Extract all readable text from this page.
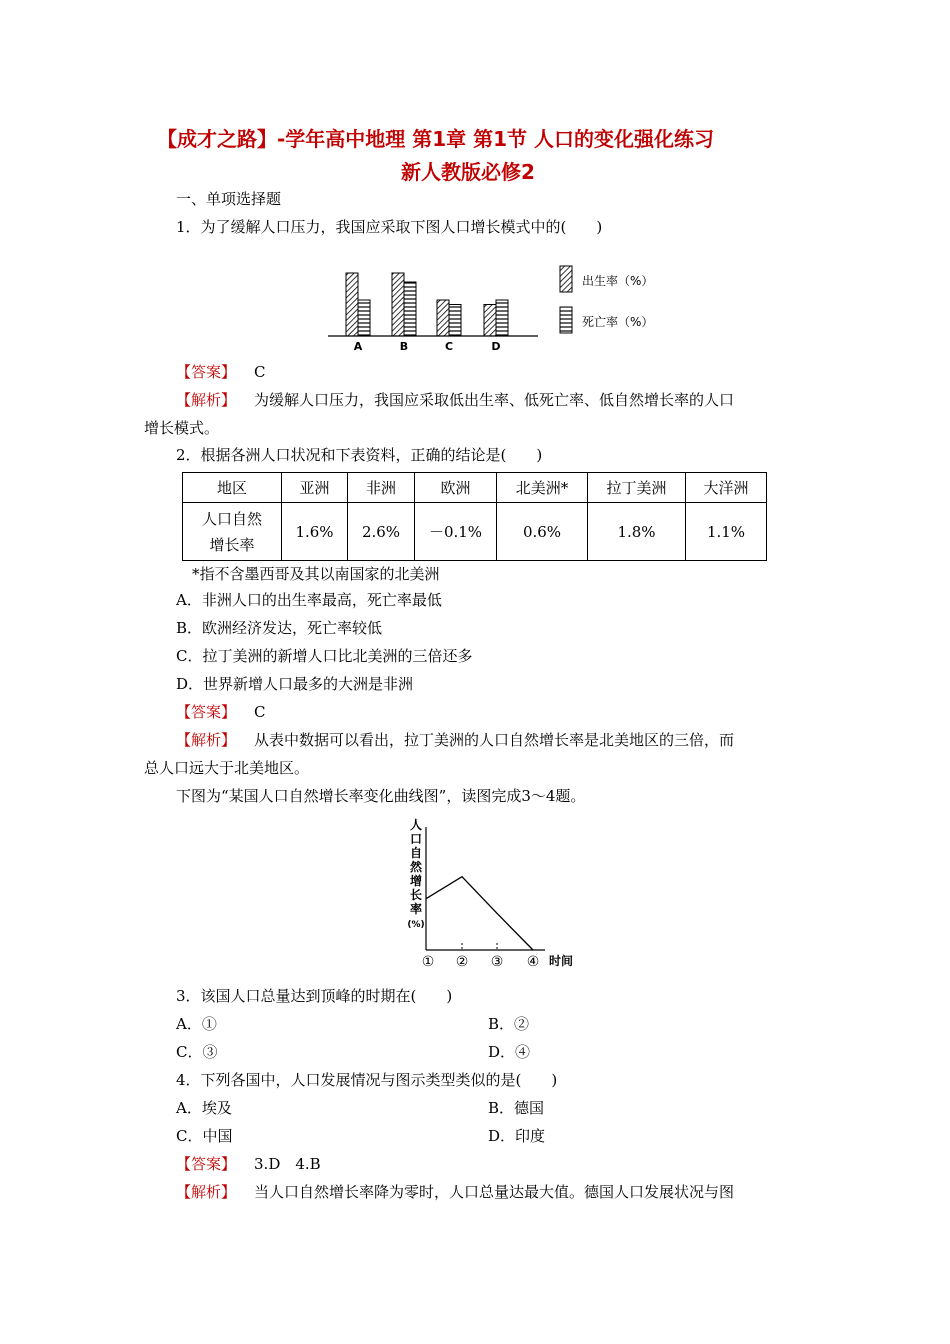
【成才之路】-学年高中地理 第1章 第1节 人口的变化强化练习
新人教版必修2
一、单项选择题
1．为了缓解人口压力，我国应采取下图人口增长模式中的(　　)
A	B	C	D
出生率（%）
死亡率（%）
【答案】 C
【解析】 为缓解人口压力，我国应采取低出生率、低死亡率、低自然增长率的人口
增长模式。
2．根据各洲人口状况和下表资料，正确的结论是(　　)
地区	亚洲	非洲	欧洲	北美洲*	拉丁美洲	大洋洲

人口自然
增长率	1.6%	2.6%	－0.1%	0.6%	1.8%	1.1%
*指不含墨西哥及其以南国家的北美洲
A．非洲人口的出生率最高，死亡率最低
B．欧洲经济发达，死亡率较低
C．拉丁美洲的新增人口比北美洲的三倍还多
D．世界新增人口最多的大洲是非洲
【答案】 C
【解析】 从表中数据可以看出，拉丁美洲的人口自然增长率是北美地区的三倍，而
总人口远大于北美地区。
下图为“某国人口自然增长率变化曲线图”，读图完成3～4题。
人
口
自
然
增
长
率
(%)
① ② ③ ④ 时间
3．该国人口总量达到顶峰的时期在(　　)
A．①	B．②
C．③	D．④
4．下列各国中，人口发展情况与图示类型类似的是(　　)
A．埃及	B．德国
C．中国	D．印度
【答案】 3.D　4.B
【解析】 当人口自然增长率降为零时，人口总量达最大值。德国人口发展状况与图
